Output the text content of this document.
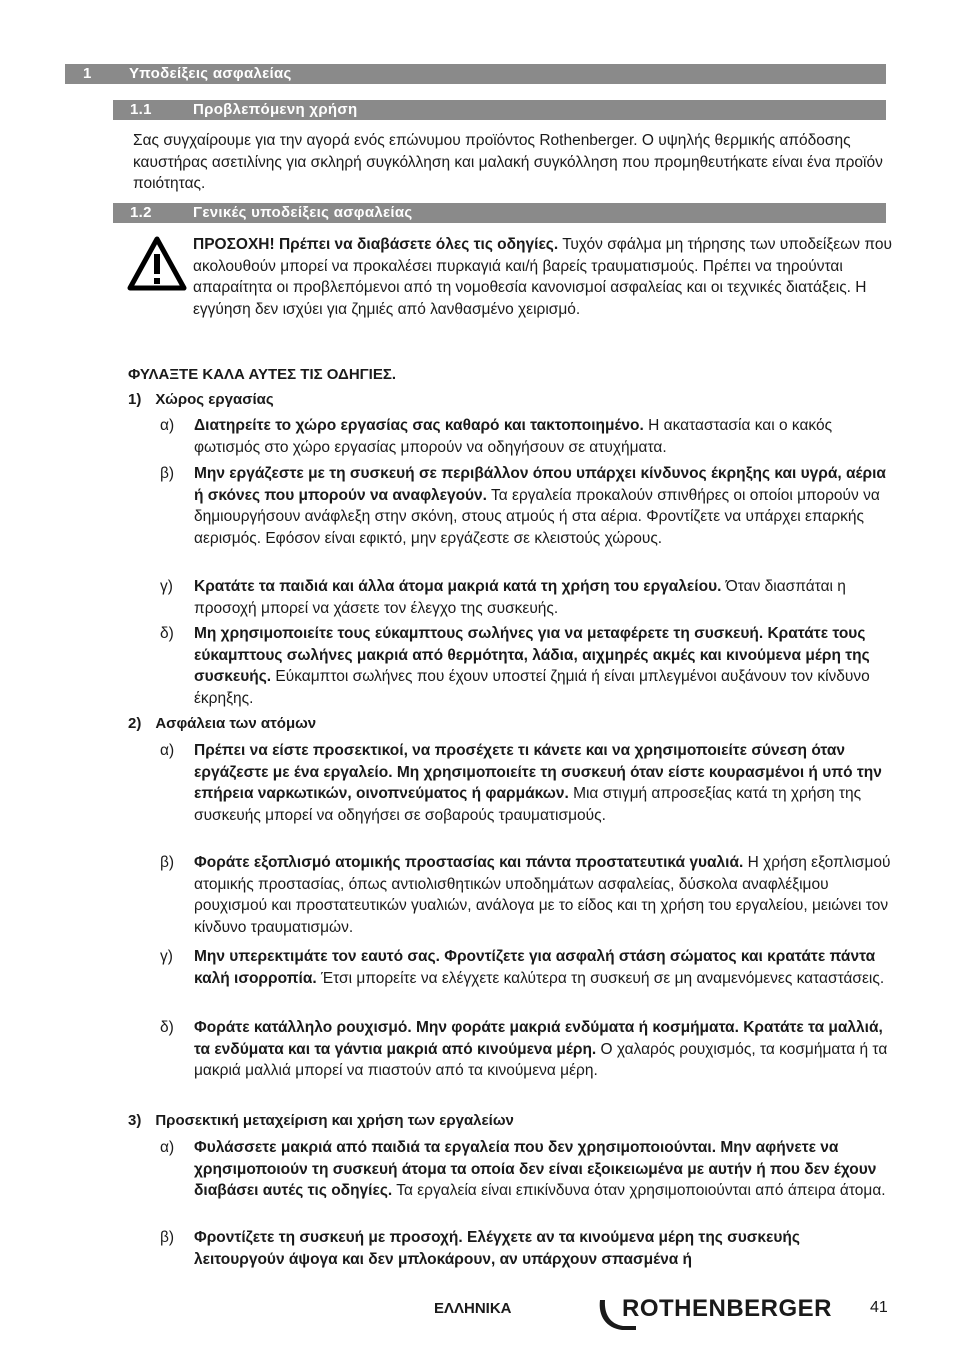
1 Υποδείξεις ασφαλείας
1.1	Προβλεπόμενη χρήση

Σας συγχαίρουμε για την αγορά ενός επώνυμου προϊόντος Rothenberger. Ο υψηλής θερμικής απόδοσης καυστήρας ασετιλίνης για σκληρή συγκόλληση και μαλακή συγκόλληση που προμηθευτήκατε είναι ένα προϊόν ποιότητας.

1.2	Γενικές υποδείξεις ασφαλείας

ΠΡΟΣΟΧΗ! Πρέπει να διαβάσετε όλες τις οδηγίες. Τυχόν σφάλμα μη τήρησης των υποδείξεων που ακολουθούν μπορεί να προκαλέσει πυρκαγιά και/ή βαρείς τραυματισμούς. Πρέπει να τηρούνται απαραίτητα οι προβλεπόμενοι από τη νομοθεσία κανονισμοί ασφαλείας και οι τεχνικές διατάξεις. Η εγγύηση δεν ισχύει για ζημιές από λανθασμένο χειρισμό.

ΦΥΛΑΞΤΕ ΚΑΛΑ ΑΥΤΕΣ ΤΙΣ ΟΔΗΓΙΕΣ.
1) Χώρος εργασίας
α) Διατηρείτε το χώρο εργασίας σας καθαρό και τακτοποιημένο. Η ακαταστασία και ο κακός φωτισμός στο χώρο εργασίας μπορούν να οδηγήσουν σε ατυχήματα.
β) Μην εργάζεστε με τη συσκευή σε περιβάλλον όπου υπάρχει κίνδυνος έκρηξης και υγρά, αέρια ή σκόνες που μπορούν να αναφλεγούν. Τα εργαλεία προκαλούν σπινθήρες οι οποίοι μπορούν να δημιουργήσουν ανάφλεξη στην σκόνη, στους ατμούς ή στα αέρια. Φροντίζετε να υπάρχει επαρκής αερισμός. Εφόσον είναι εφικτό, μην εργάζεστε σε κλειστούς χώρους.
γ) Κρατάτε τα παιδιά και άλλα άτομα μακριά κατά τη χρήση του εργαλείου. Όταν διασπάται η προσοχή μπορεί να χάσετε τον έλεγχο της συσκευής.
δ) Μη χρησιμοποιείτε τους εύκαμπτους σωλήνες για να μεταφέρετε τη συσκευή. Κρατάτε τους εύκαμπτους σωλήνες μακριά από θερμότητα, λάδια, αιχμηρές ακμές και κινούμενα μέρη της συσκευής. Εύκαμπτοι σωλήνες που έχουν υποστεί ζημιά ή είναι μπλεγμένοι αυξάνουν τον κίνδυνο έκρηξης.
2) Ασφάλεια των ατόμων
α) Πρέπει να είστε προσεκτικοί, να προσέχετε τι κάνετε και να χρησιμοποιείτε σύνεση όταν εργάζεστε με ένα εργαλείο. Μη χρησιμοποιείτε τη συσκευή όταν είστε κουρασμένοι ή υπό την επήρεια ναρκωτικών, οινοπνεύματος ή φαρμάκων. Μια στιγμή απροσεξίας κατά τη χρήση της συσκευής μπορεί να οδηγήσει σε σοβαρούς τραυματισμούς.
β) Φοράτε εξοπλισμό ατομικής προστασίας και πάντα προστατευτικά γυαλιά. Η χρήση εξοπλισμού ατομικής προστασίας, όπως αντιολισθητικών υποδημάτων ασφαλείας, δύσκολα αναφλέξιμου ρουχισμού και προστατευτικών γυαλιών, ανάλογα με το είδος και τη χρήση του εργαλείου, μειώνει τον κίνδυνο τραυματισμών.
γ) Μην υπερεκτιμάτε τον εαυτό σας. Φροντίζετε για ασφαλή στάση σώματος και κρατάτε πάντα καλή ισορροπία. Έτσι μπορείτε να ελέγχετε καλύτερα τη συσκευή σε μη αναμενόμενες καταστάσεις.
δ) Φοράτε κατάλληλο ρουχισμό. Μην φοράτε μακριά ενδύματα ή κοσμήματα. Κρατάτε τα μαλλιά, τα ενδύματα και τα γάντια μακριά από κινούμενα μέρη. Ο χαλαρός ρουχισμός, τα κοσμήματα ή τα μακριά μαλλιά μπορεί να πιαστούν από τα κινούμενα μέρη.
3) Προσεκτική μεταχείριση και χρήση των εργαλείων
α) Φυλάσσετε μακριά από παιδιά τα εργαλεία που δεν χρησιμοποιούνται. Μην αφήνετε να χρησιμοποιούν τη συσκευή άτομα τα οποία δεν είναι εξοικειωμένα με αυτήν ή που δεν έχουν διαβάσει αυτές τις οδηγίες. Τα εργαλεία είναι επικίνδυνα όταν χρησιμοποιούνται από άπειρα άτομα.
β) Φροντίζετε τη συσκευή με προσοχή. Ελέγχετε αν τα κινούμενα μέρη της συσκευής λειτουργούν άψογα και δεν μπλοκάρουν, αν υπάρχουν σπασμένα ή
ΕΛΛΗΝΙΚΑ	ROTHENBERGER 41
